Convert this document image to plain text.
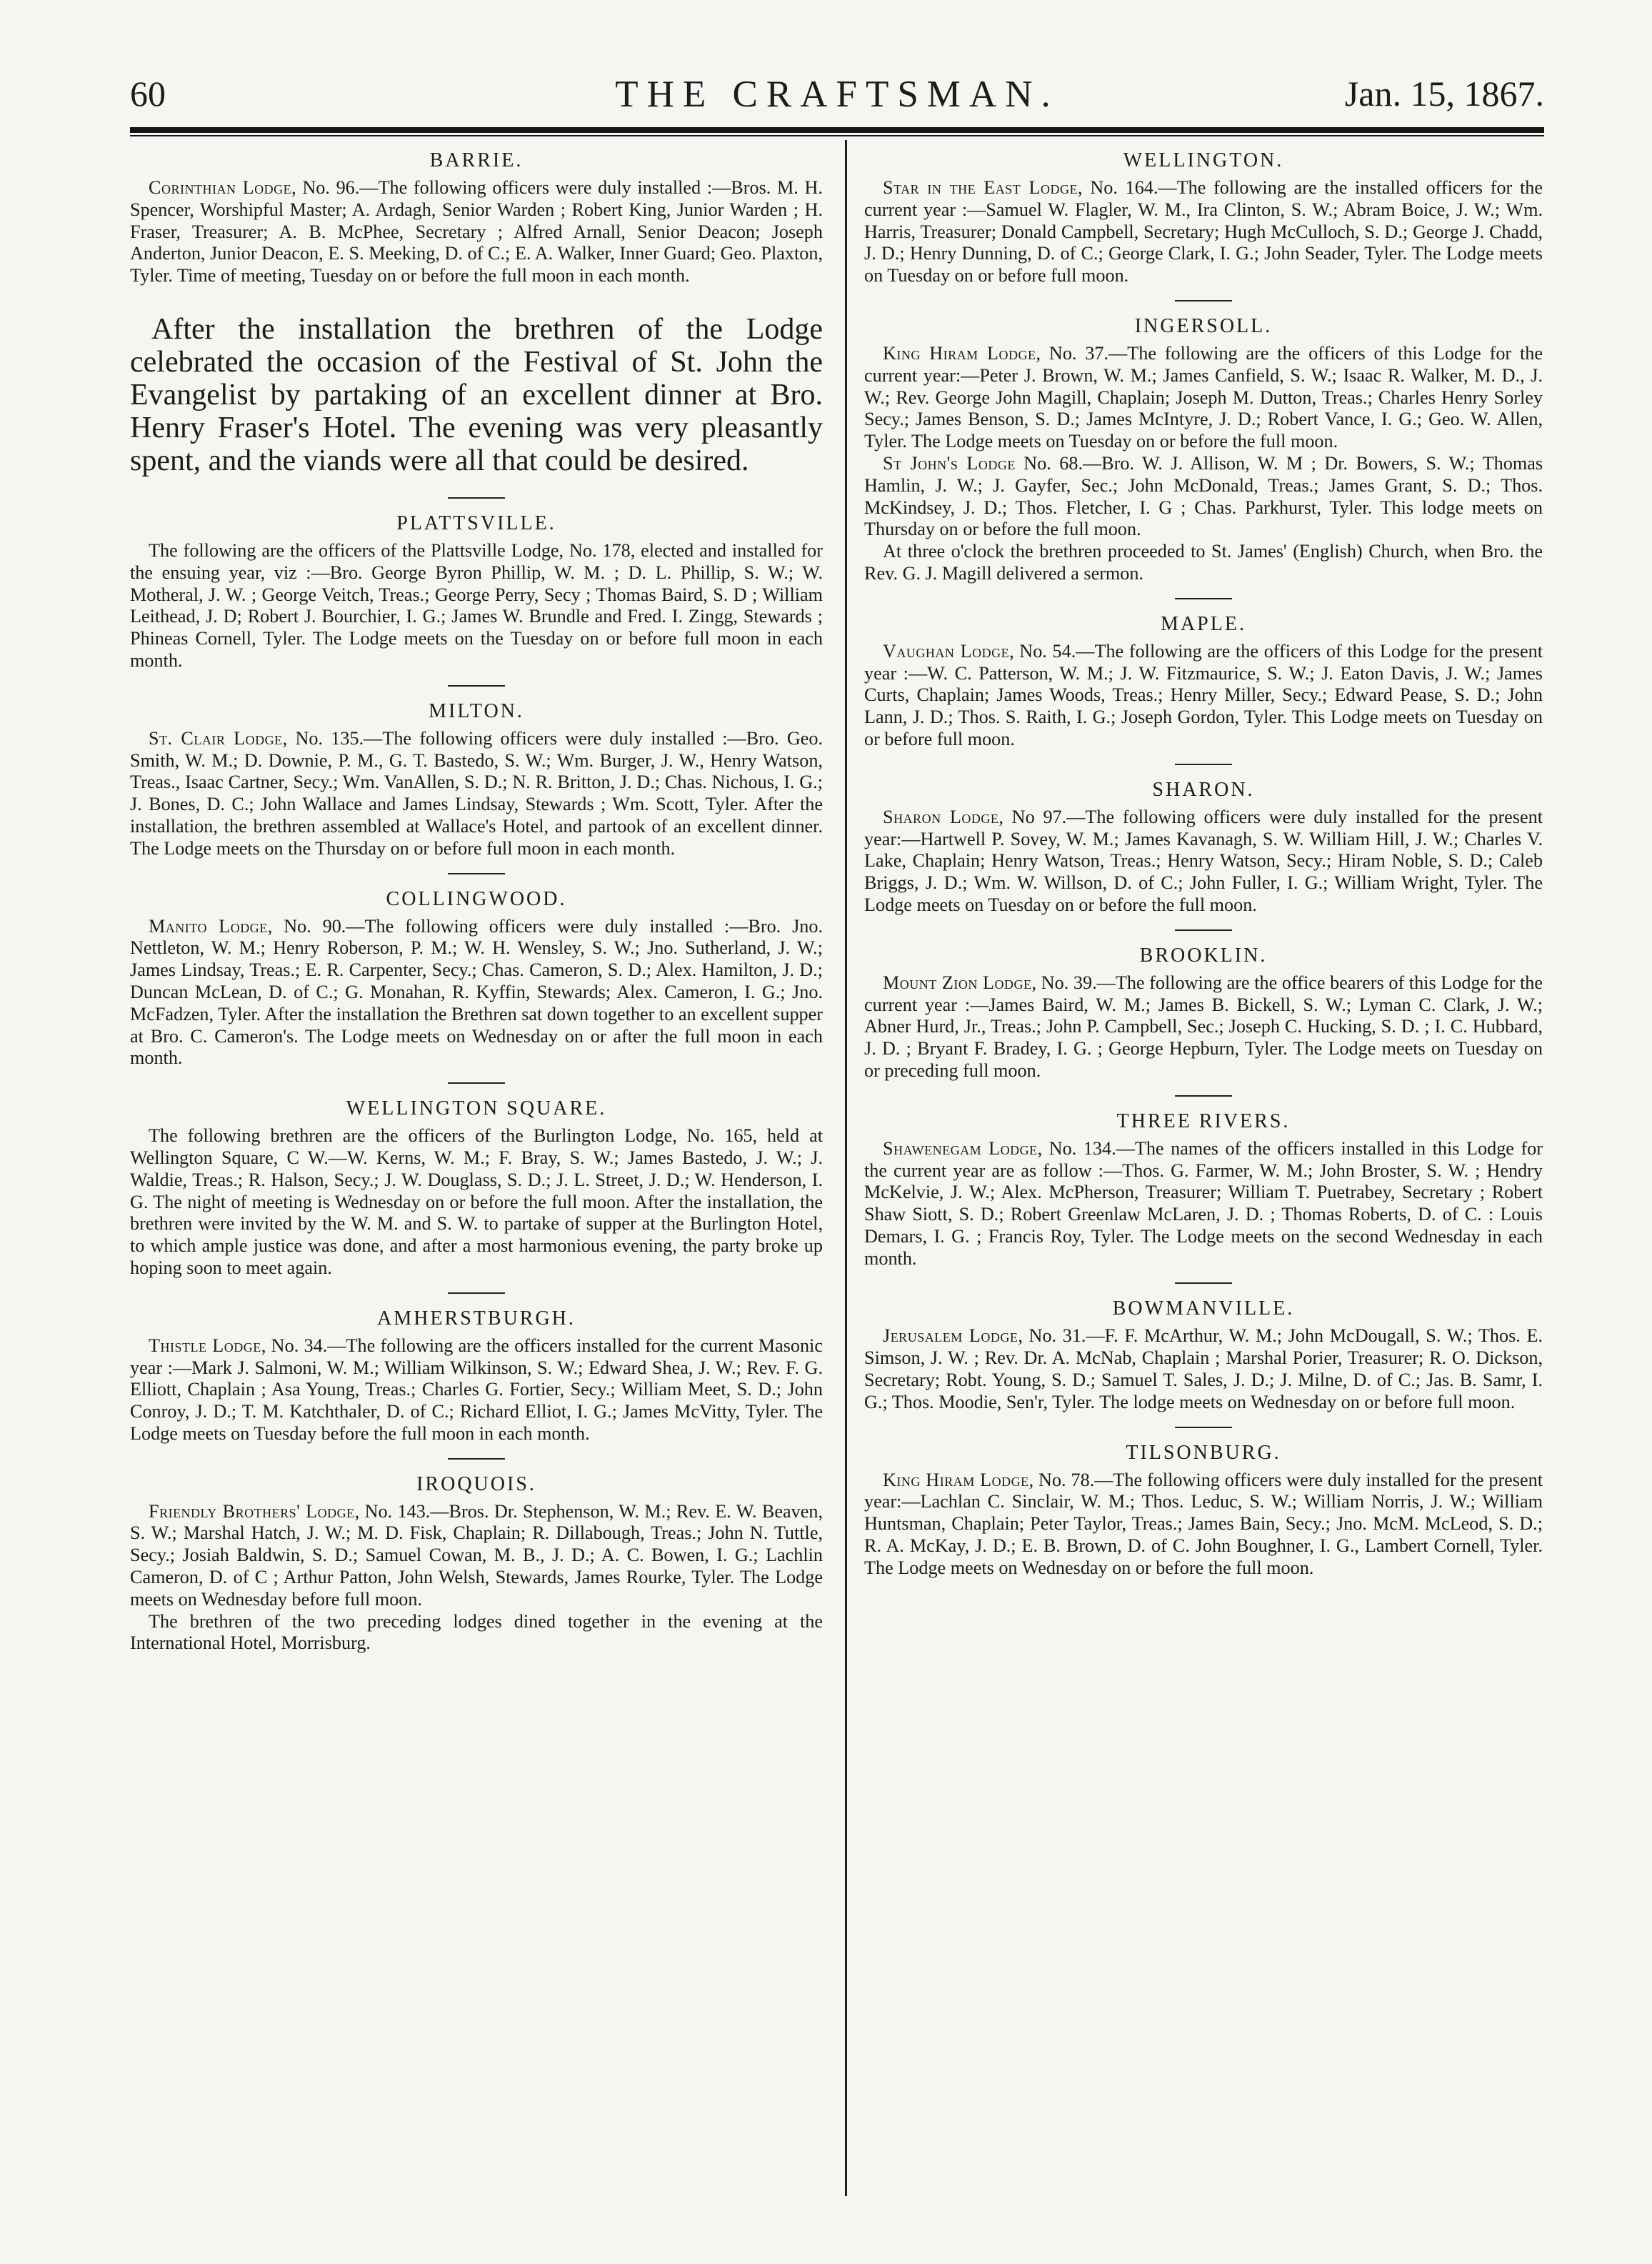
60	THE CRAFTSMAN.	Jan. 15, 1867.
BARRIE.

Corinthian Lodge, No. 96.—The following officers were duly installed :—Bros. M. H. Spencer, Worshipful Master; A. Ardagh, Senior Warden ; Robert King, Junior Warden ; H. Fraser, Treasurer; A. B. McPhee, Secretary ; Alfred Arnall, Senior Deacon; Joseph Anderton, Junior Deacon, E. S. Meeking, D. of C.; E. A. Walker, Inner Guard; Geo. Plaxton, Tyler. Time of meeting, Tuesday on or before the full moon in each month.

After the installation the brethren of the Lodge celebrated the occasion of the Festival of St. John the Evangelist by partaking of an excellent dinner at Bro. Henry Fraser's Hotel. The evening was very pleasantly spent, and the viands were all that could be desired.

PLATTSVILLE.

The following are the officers of the Plattsville Lodge, No. 178, elected and installed for the ensuing year, viz :—Bro. George Byron Phillip, W. M. ; D. L. Phillip, S. W.; W. Motheral, J. W. ; George Veitch, Treas.; George Perry, Secy ; Thomas Baird, S. D ; William Leithead, J. D; Robert J. Bourchier, I. G.; James W. Brundle and Fred. I. Zingg, Stewards ; Phineas Cornell, Tyler. The Lodge meets on the Tuesday on or before full moon in each month.

MILTON.

St. Clair Lodge, No. 135.—The following officers were duly installed :—Bro. Geo. Smith, W. M.; D. Downie, P. M., G. T. Bastedo, S. W.; Wm. Burger, J. W., Henry Watson, Treas., Isaac Cartner, Secy.; Wm. VanAllen, S. D.; N. R. Britton, J. D.; Chas. Nichous, I. G.; J. Bones, D. C.; John Wallace and James Lindsay, Stewards ; Wm. Scott, Tyler. After the installation, the brethren assembled at Wallace's Hotel, and partook of an excellent dinner. The Lodge meets on the Thursday on or before full moon in each month.

COLLINGWOOD.

Manito Lodge, No. 90.—The following officers were duly installed :—Bro. Jno. Nettleton, W. M.; Henry Roberson, P. M.; W. H. Wensley, S. W.; Jno. Sutherland, J. W.; James Lindsay, Treas.; E. R. Carpenter, Secy.; Chas. Cameron, S. D.; Alex. Hamilton, J. D.; Duncan McLean, D. of C.; G. Monahan, R. Kyffin, Stewards; Alex. Cameron, I. G.; Jno. McFadzen, Tyler. After the installation the Brethren sat down together to an excellent supper at Bro. C. Cameron's. The Lodge meets on Wednesday on or after the full moon in each month.

WELLINGTON SQUARE.

The following brethren are the officers of the Burlington Lodge, No. 165, held at Wellington Square, C W.—W. Kerns, W. M.; F. Bray, S. W.; James Bastedo, J. W.; J. Waldie, Treas.; R. Halson, Secy.; J. W. Douglass, S. D.; J. L. Street, J. D.; W. Henderson, I. G. The night of meeting is Wednesday on or before the full moon. After the installation, the brethren were invited by the W. M. and S. W. to partake of supper at the Burlington Hotel, to which ample justice was done, and after a most harmonious evening, the party broke up hoping soon to meet again.

AMHERSTBURGH.

Thistle Lodge, No. 34.—The following are the officers installed for the current Masonic year :—Mark J. Salmoni, W. M.; William Wilkinson, S. W.; Edward Shea, J. W.; Rev. F. G. Elliott, Chaplain ; Asa Young, Treas.; Charles G. Fortier, Secy.; William Meet, S. D.; John Conroy, J. D.; T. M. Katchthaler, D. of C.; Richard Elliot, I. G.; James McVitty, Tyler. The Lodge meets on Tuesday before the full moon in each month.

IROQUOIS.

Friendly Brothers' Lodge, No. 143.—Bros. Dr. Stephenson, W. M.; Rev. E. W. Beaven, S. W.; Marshal Hatch, J. W.; M. D. Fisk, Chaplain; R. Dillabough, Treas.; John N. Tuttle, Secy.; Josiah Baldwin, S. D.; Samuel Cowan, M. B., J. D.; A. C. Bowen, I. G.; Lachlin Cameron, D. of C ; Arthur Patton, John Welsh, Stewards, James Rourke, Tyler. The Lodge meets on Wednesday before full moon.

The brethren of the two preceding lodges dined together in the evening at the International Hotel, Morrisburg.

WELLINGTON.

Star in the East Lodge, No. 164.—The following are the installed officers for the current year :—Samuel W. Flagler, W. M., Ira Clinton, S. W.; Abram Boice, J. W.; Wm. Harris, Treasurer; Donald Campbell, Secretary; Hugh McCulloch, S. D.; George J. Chadd, J. D.; Henry Dunning, D. of C.; George Clark, I. G.; John Seader, Tyler. The Lodge meets on Tuesday on or before full moon.

INGERSOLL.

King Hiram Lodge, No. 37.—The following are the officers of this Lodge for the current year:—Peter J. Brown, W. M.; James Canfield, S. W.; Isaac R. Walker, M. D., J. W.; Rev. George John Magill, Chaplain; Joseph M. Dutton, Treas.; Charles Henry Sorley Secy.; James Benson, S. D.; James McIntyre, J. D.; Robert Vance, I. G.; Geo. W. Allen, Tyler. The Lodge meets on Tuesday on or before the full moon.

St John's Lodge No. 68.—Bro. W. J. Allison, W. M ; Dr. Bowers, S. W.; Thomas Hamlin, J. W.; J. Gayfer, Sec.; John McDonald, Treas.; James Grant, S. D.; Thos. McKindsey, J. D.; Thos. Fletcher, I. G ; Chas. Parkhurst, Tyler. This lodge meets on Thursday on or before the full moon.

At three o'clock the brethren proceeded to St. James' (English) Church, when Bro. the Rev. G. J. Magill delivered a sermon.

MAPLE.

Vaughan Lodge, No. 54.—The following are the officers of this Lodge for the present year :—W. C. Patterson, W. M.; J. W. Fitzmaurice, S. W.; J. Eaton Davis, J. W.; James Curts, Chaplain; James Woods, Treas.; Henry Miller, Secy.; Edward Pease, S. D.; John Lann, J. D.; Thos. S. Raith, I. G.; Joseph Gordon, Tyler. This Lodge meets on Tuesday on or before full moon.

SHARON.

Sharon Lodge, No 97.—The following officers were duly installed for the present year:—Hartwell P. Sovey, W. M.; James Kavanagh, S. W. William Hill, J. W.; Charles V. Lake, Chaplain; Henry Watson, Treas.; Henry Watson, Secy.; Hiram Noble, S. D.; Caleb Briggs, J. D.; Wm. W. Willson, D. of C.; John Fuller, I. G.; William Wright, Tyler. The Lodge meets on Tuesday on or before the full moon.

BROOKLIN.

Mount Zion Lodge, No. 39.—The following are the office bearers of this Lodge for the current year :—James Baird, W. M.; James B. Bickell, S. W.; Lyman C. Clark, J. W.; Abner Hurd, Jr., Treas.; John P. Campbell, Sec.; Joseph C. Hucking, S. D. ; I. C. Hubbard, J. D. ; Bryant F. Bradey, I. G. ; George Hepburn, Tyler. The Lodge meets on Tuesday on or preceding full moon.

THREE RIVERS.

Shawenegam Lodge, No. 134.—The names of the officers installed in this Lodge for the current year are as follow :—Thos. G. Farmer, W. M.; John Broster, S. W. ; Hendry McKelvie, J. W.; Alex. McPherson, Treasurer; William T. Puetrabey, Secretary ; Robert Shaw Siott, S. D.; Robert Greenlaw McLaren, J. D. ; Thomas Roberts, D. of C. : Louis Demars, I. G. ; Francis Roy, Tyler. The Lodge meets on the second Wednesday in each month.

BOWMANVILLE.

Jerusalem Lodge, No. 31.—F. F. McArthur, W. M.; John McDougall, S. W.; Thos. E. Simson, J. W. ; Rev. Dr. A. McNab, Chaplain ; Marshal Porier, Treasurer; R. O. Dickson, Secretary; Robt. Young, S. D.; Samuel T. Sales, J. D.; J. Milne, D. of C.; Jas. B. Samr, I. G.; Thos. Moodie, Sen'r, Tyler. The lodge meets on Wednesday on or before full moon.

TILSONBURG.

King Hiram Lodge, No. 78.—The following officers were duly installed for the present year:—Lachlan C. Sinclair, W. M.; Thos. Leduc, S. W.; William Norris, J. W.; William Huntsman, Chaplain; Peter Taylor, Treas.; James Bain, Secy.; Jno. McM. McLeod, S. D.; R. A. McKay, J. D.; E. B. Brown, D. of C. John Boughner, I. G., Lambert Cornell, Tyler. The Lodge meets on Wednesday on or before the full moon.
